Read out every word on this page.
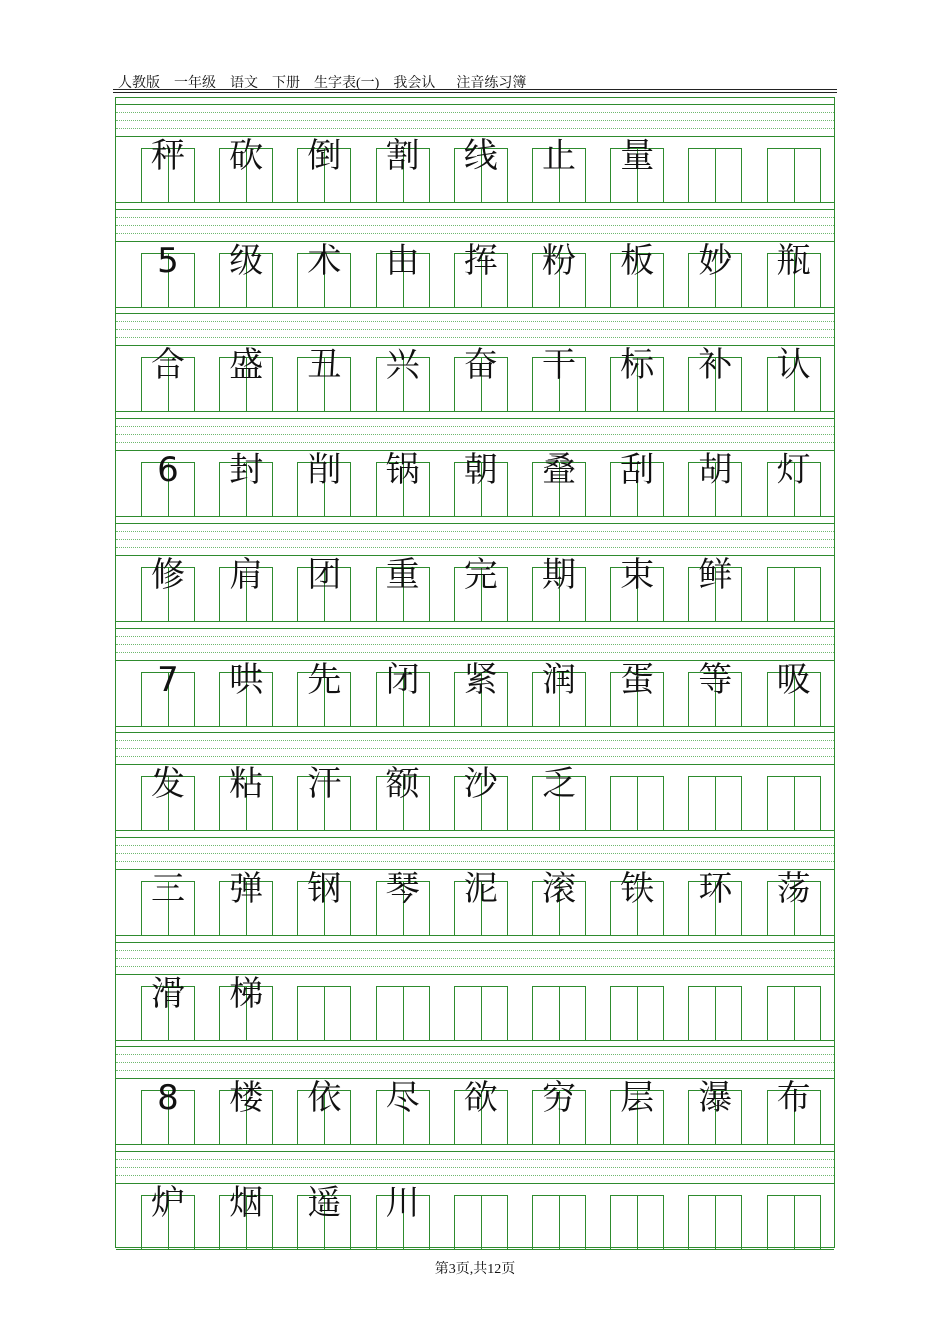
人教版    一年级    语文    下册    生字表(一)    我会认      注音练习簿
秤	砍	倒	割	线	止	量
5	级	术	由	挥	粉	板	妙	瓶
合	盛	丑	兴	奋	干	标	补	认
6	封	削	锅	朝	叠	刮	胡	灯
修	肩	团	重	完	期	束	鲜
7	哄	先	闭	紧	润	蛋	等	吸
发	粘	汗	额	沙	乏
三	弹	钢	琴	泥	滚	铁	环	荡
滑	梯
8	楼	依	尽	欲	穷	层	瀑	布
炉	烟	遥	川
第3页,共12页
